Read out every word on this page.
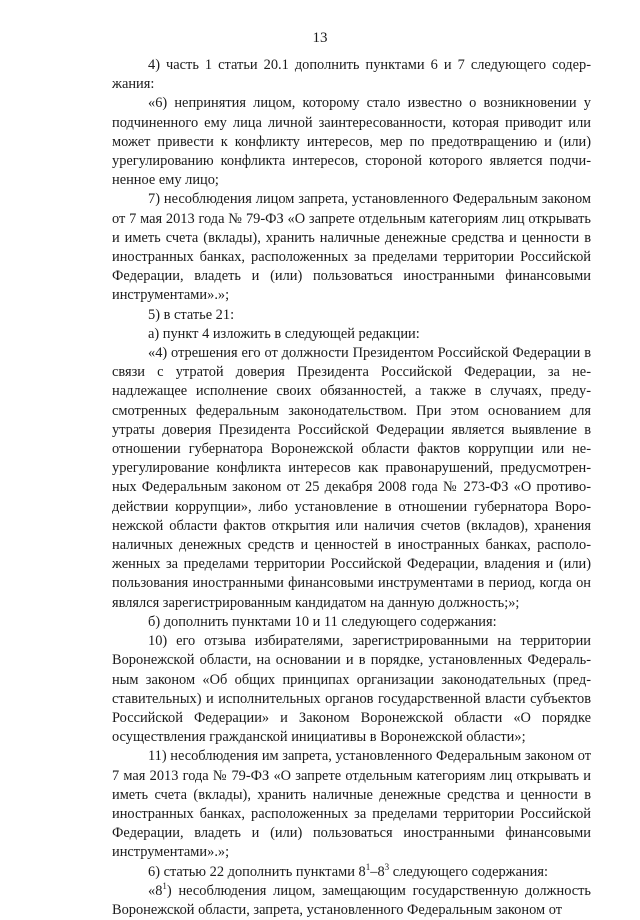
13

4) часть 1 статьи 20.1 дополнить пунктами 6 и 7 следующего содержания:

«6) непринятия лицом, которому стало известно о возникновении у подчиненного ему лица личной заинтересованности, которая приводит или может привести к конфликту интересов, мер по предотвращению и (или) урегулированию конфликта интересов, стороной которого является подчиненное ему лицо;

7) несоблюдения лицом запрета, установленного Федеральным законом от 7 мая 2013 года № 79-ФЗ «О запрете отдельным категориям лиц открывать и иметь счета (вклады), хранить наличные денежные средства и ценности в иностранных банках, расположенных за пределами территории Российской Федерации, владеть и (или) пользоваться иностранными финансовыми инструментами».»;

5) в статье 21:

а) пункт 4 изложить в следующей редакции:

«4) отрешения его от должности Президентом Российской Федерации в связи с утратой доверия Президента Российской Федерации, за ненадлежащее исполнение своих обязанностей, а также в случаях, предусмотренных федеральным законодательством. При этом основанием для утраты доверия Президента Российской Федерации является выявление в отношении губернатора Воронежской области фактов коррупции или неурегулирование конфликта интересов как правонарушений, предусмотренных Федеральным законом от 25 декабря 2008 года № 273-ФЗ «О противодействии коррупции», либо установление в отношении губернатора Воронежской области фактов открытия или наличия счетов (вкладов), хранения наличных денежных средств и ценностей в иностранных банках, расположенных за пределами территории Российской Федерации, владения и (или) пользования иностранными финансовыми инструментами в период, когда он являлся зарегистрированным кандидатом на данную должность;»;

б) дополнить пунктами 10 и 11 следующего содержания:

10) его отзыва избирателями, зарегистрированными на территории Воронежской области, на основании и в порядке, установленных Федеральным законом «Об общих принципах организации законодательных (представительных) и исполнительных органов государственной власти субъектов Российской Федерации» и Законом Воронежской области «О порядке осуществления гражданской инициативы в Воронежской области»;

11) несоблюдения им запрета, установленного Федеральным законом от 7 мая 2013 года № 79-ФЗ «О запрете отдельным категориям лиц открывать и иметь счета (вклады), хранить наличные денежные средства и ценности в иностранных банках, расположенных за пределами территории Российской Федерации, владеть и (или) пользоваться иностранными финансовыми инструментами».»;

6) статью 22 дополнить пунктами $8^1-8^3$ следующего содержания:

«$8^1$) несоблюдения лицом, замещающим государственную должность Воронежской области, запрета, установленного Федеральным законом от
